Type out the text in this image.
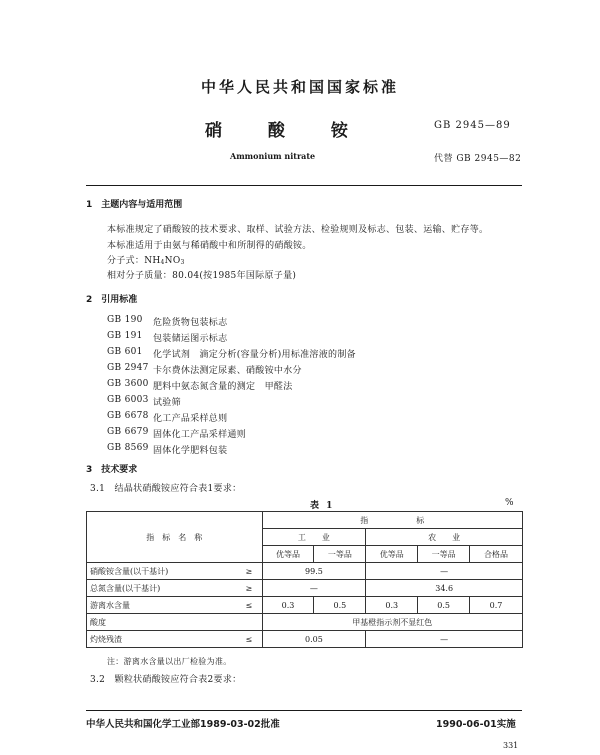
中华人民共和国国家标准
硝 酸 铵	GB 2945—89
Ammonium nitrate	代替 GB 2945—82
1　主题内容与适用范围
本标准规定了硝酸铵的技术要求、取样、试验方法、检验规则及标志、包装、运输、贮存等。
本标准适用于由氨与稀硝酸中和所制得的硝酸铵。
分子式：NH4NO3
相对分子质量：80.04(按1985年国际原子量)
2　引用标准
GB 190 危险货物包装标志
GB 191 包装储运图示标志
GB 601 化学试剂　滴定分析(容量分析)用标准溶液的制备
GB 2947 卡尔费休法测定尿素、硝酸铵中水分
GB 3600 肥料中氨态氮含量的测定　甲醛法
GB 6003 试验筛
GB 6678 化工产品采样总则
GB 6679 固体化工产品采样通则
GB 8569 固体化学肥料包装
3　技术要求
3.1　结晶状硝酸铵应符合表1要求：
表 1	%
指　标　名　称		指　　　　　　标				
		工　　业		农　　业		
		优等品	一等品	优等品	一等品	合格品
硝酸铵含量(以干基计)	≥	99.5		—		
总氮含量(以干基计)	≥	—		34.6		
游离水含量	≤	0.3	0.5	0.3	0.5	0.7
酸度		甲基橙指示剂不显红色				
灼烧残渣	≤	0.05		—		
注：游离水含量以出厂检验为准。
3.2　颗粒状硝酸铵应符合表2要求：
中华人民共和国化学工业部1989-03-02批准	1990-06-01实施
331
